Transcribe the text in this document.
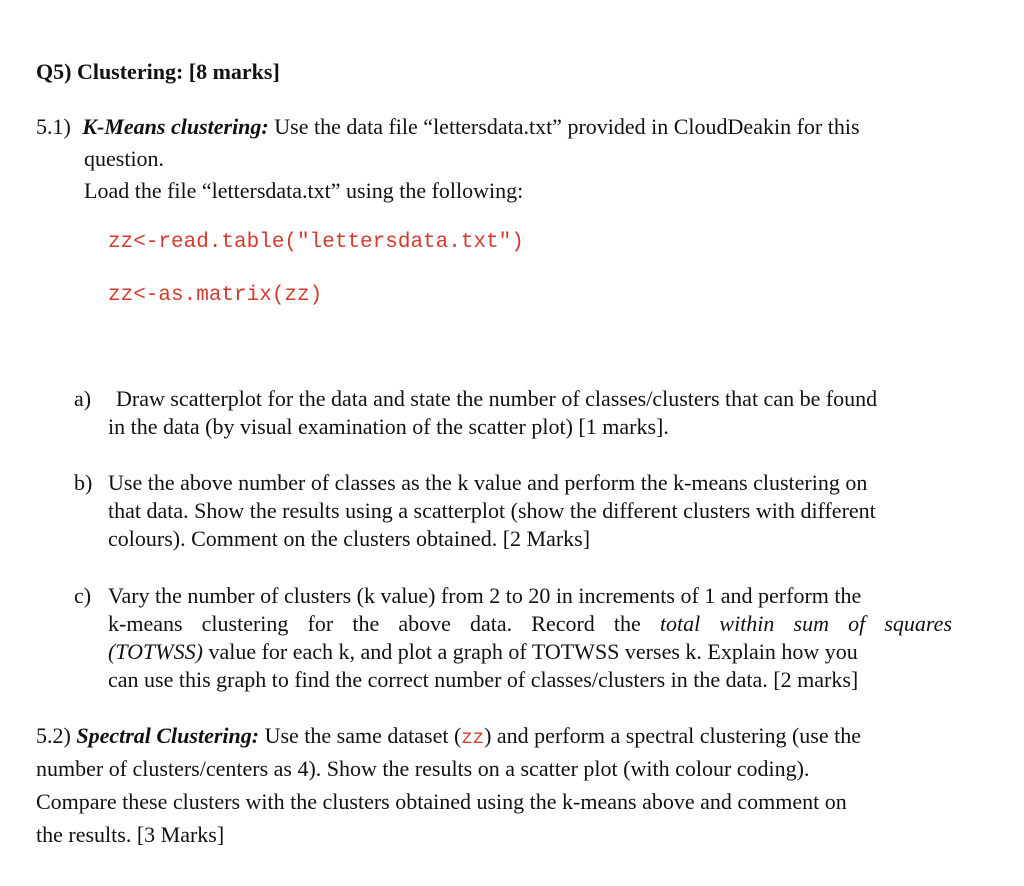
Q5) Clustering: [8 marks]
5.1) K-Means clustering: Use the data file “lettersdata.txt” provided in CloudDeakin for this
question.
Load the file “lettersdata.txt” using the following:
zz<-read.table("lettersdata.txt")
zz<-as.matrix(zz)
a) Draw scatterplot for the data and state the number of classes/clusters that can be found
in the data (by visual examination of the scatter plot) [1 marks].
b) Use the above number of classes as the k value and perform the k-means clustering on
that data. Show the results using a scatterplot (show the different clusters with different
colours). Comment on the clusters obtained. [2 Marks]
c) Vary the number of clusters (k value) from 2 to 20 in increments of 1 and perform the
k-means clustering for the above data. Record the total within sum of squares
(TOTWSS) value for each k, and plot a graph of TOTWSS verses k. Explain how you
can use this graph to find the correct number of classes/clusters in the data. [2 marks]
5.2) Spectral Clustering: Use the same dataset (zz) and perform a spectral clustering (use the
number of clusters/centers as 4). Show the results on a scatter plot (with colour coding).
Compare these clusters with the clusters obtained using the k-means above and comment on
the results. [3 Marks]
